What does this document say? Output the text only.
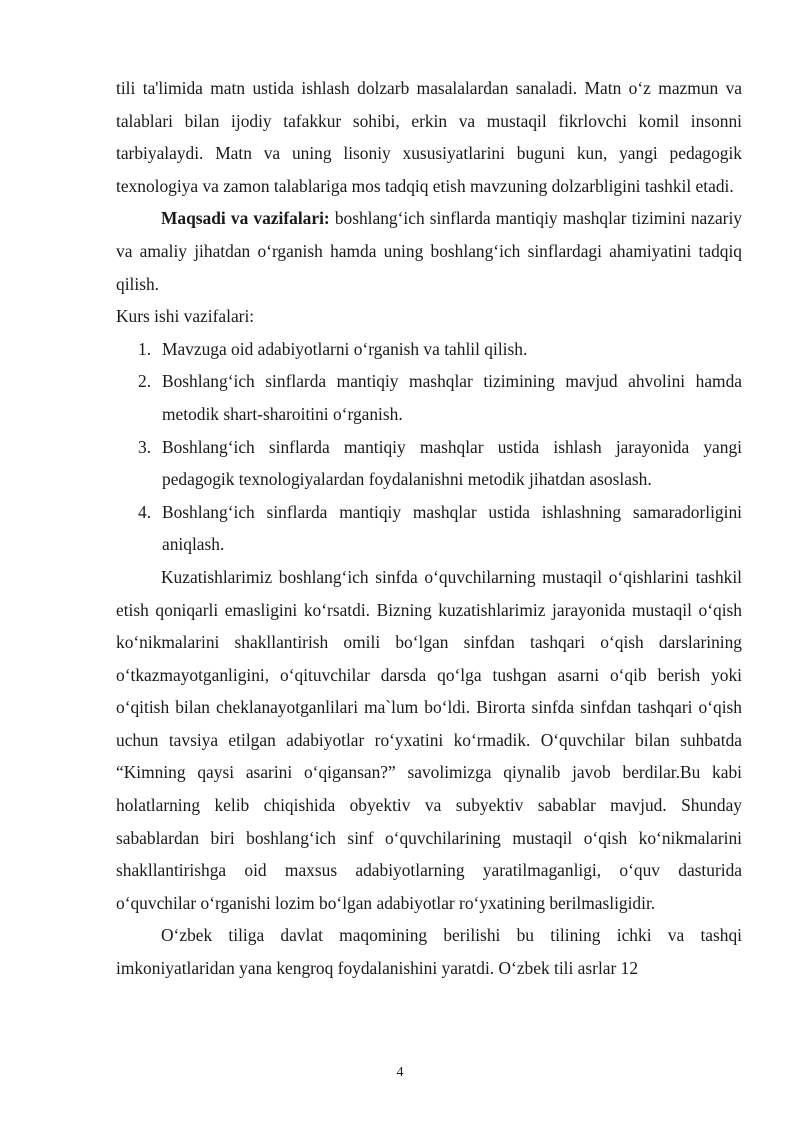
tili ta'limida matn ustida ishlash dolzarb masalalardan sanaladi. Matn o‘z mazmun va talablari bilan ijodiy tafakkur sohibi, erkin va mustaqil fikrlovchi komil insonni tarbiyalaydi. Matn va uning lisoniy xususiyatlarini buguni kun, yangi pedagogik texnologiya va zamon talablariga mos tadqiq etish mavzuning dolzarbligini tashkil etadi.

Maqsadi va vazifalari: boshlang‘ich sinflarda mantiqiy mashqlar tizimini nazariy va amaliy jihatdan o‘rganish hamda uning boshlang‘ich sinflardagi ahamiyatini tadqiq qilish.

Kurs ishi vazifalari:

1. Mavzuga oid adabiyotlarni o‘rganish va tahlil qilish.
2. Boshlang‘ich sinflarda mantiqiy mashqlar tizimining mavjud ahvolini hamda metodik shart-sharoitini o‘rganish.
3. Boshlang‘ich sinflarda mantiqiy mashqlar ustida ishlash jarayonida yangi pedagogik texnologiyalardan foydalanishni metodik jihatdan asoslash.
4. Boshlang‘ich sinflarda mantiqiy mashqlar ustida ishlashning samaradorligini aniqlash.

Kuzatishlarimiz boshlang‘ich sinfda o‘quvchilarning mustaqil o‘qishlarini tashkil etish qoniqarli emasligini ko‘rsatdi. Bizning kuzatishlarimiz jarayonida mustaqil o‘qish ko‘nikmalarini shakllantirish omili bo‘lgan sinfdan tashqari o‘qish darslarining o‘tkazmayotganligini, o‘qituvchilar darsda qo‘lga tushgan asarni o‘qib berish yoki o‘qitish bilan cheklanayotganlilari ma`lum bo‘ldi. Birorta sinfda sinfdan tashqari o‘qish uchun tavsiya etilgan adabiyotlar ro‘yxatini ko‘rmadik. O‘quvchilar bilan suhbatda “Kimning qaysi asarini o‘qigansan?” savolimizga qiynalib javob berdilar.Bu kabi holatlarning kelib chiqishida obyektiv va subyektiv sabablar mavjud. Shunday sabablardan biri boshlang‘ich sinf o‘quvchilarining mustaqil o‘qish ko‘nikmalarini shakllantirishga oid maxsus adabiyotlarning yaratilmaganligi, o‘quv dasturida o‘quvchilar o‘rganishi lozim bo‘lgan adabiyotlar ro‘yxatining berilmasligidir.

O‘zbek tiliga davlat maqomining berilishi bu tilining ichki va tashqi imkoniyatlaridan yana kengroq foydalanishini yaratdi. O‘zbek tili asrlar 12

4
